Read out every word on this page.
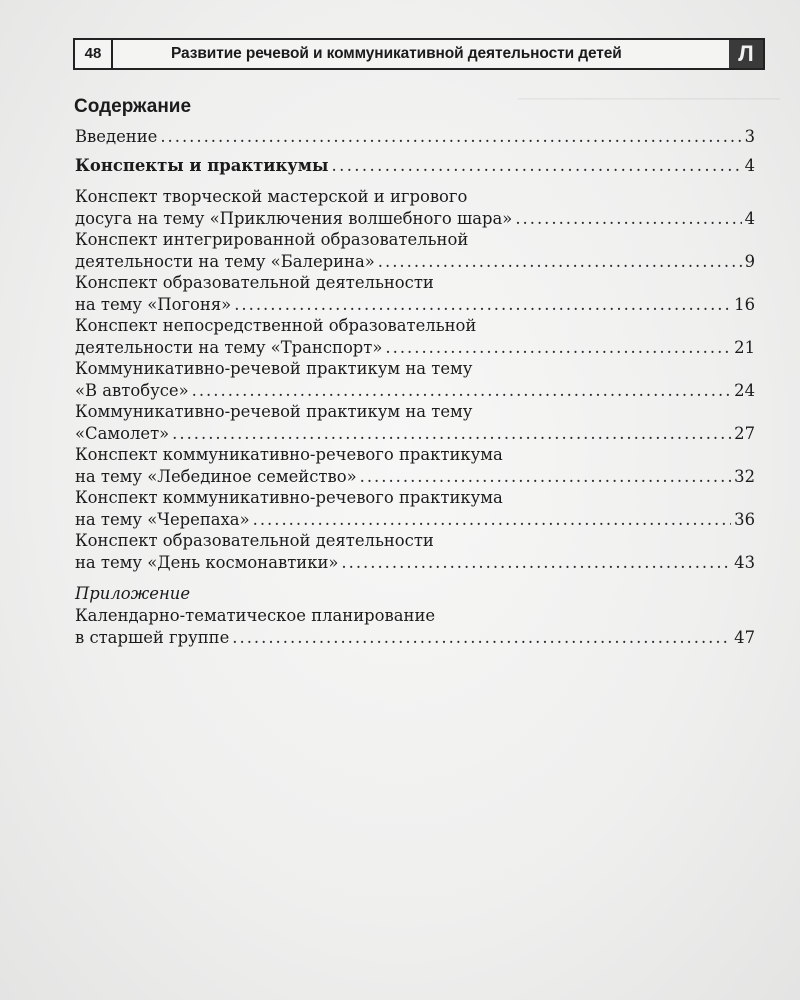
─────────────────────────────
48	Развитие речевой и коммуникативной деятельности детей	Л
Содержание
Введение .....	3
Конспекты и практикумы .....	4
Конспект творческой мастерской и игрового
досуга на тему «Приключения волшебного шара» .....	4
Конспект интегрированной образовательной
деятельности на тему «Балерина» .....	9
Конспект образовательной деятельности
на тему «Погоня» .....	16
Конспект непосредственной образовательной
деятельности на тему «Транспорт» .....	21
Коммуникативно-речевой практикум на тему
«В автобусе» .....	24
Коммуникативно-речевой практикум на тему
«Самолет» .....	27
Конспект коммуникативно-речевого практикума
на тему «Лебединое семейство» .....	32
Конспект коммуникативно-речевого практикума
на тему «Черепаха» .....	36
Конспект образовательной деятельности
на тему «День космонавтики» .....	43
Приложение
Календарно-тематическое планирование
в старшей группе .....	47
